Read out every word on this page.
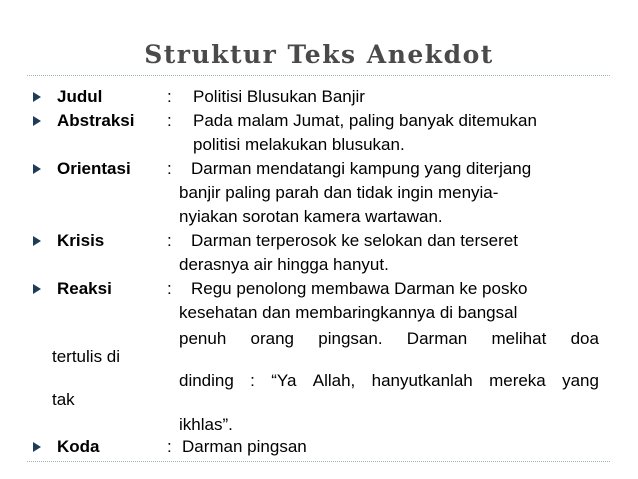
Struktur Teks Anekdot
Judul	: Politisi Blusukan Banjir
Abstraksi : Pada malam Jumat, paling banyak ditemukan
politisi melakukan blusukan.
Orientasi : Darman mendatangi kampung yang diterjang
banjir paling parah dan tidak ingin menyia-
nyiakan sorotan kamera wartawan.
Krisis	: Darman terperosok ke selokan dan terseret
derasnya air hingga hanyut.
Reaksi	: Regu penolong membawa Darman ke posko
kesehatan dan membaringkannya di bangsal
penuh orang pingsan. Darman melihat doa
tertulis di
dinding : “Ya Allah, hanyutkanlah mereka yang
tak
ikhlas”.
Koda	: Darman pingsan
